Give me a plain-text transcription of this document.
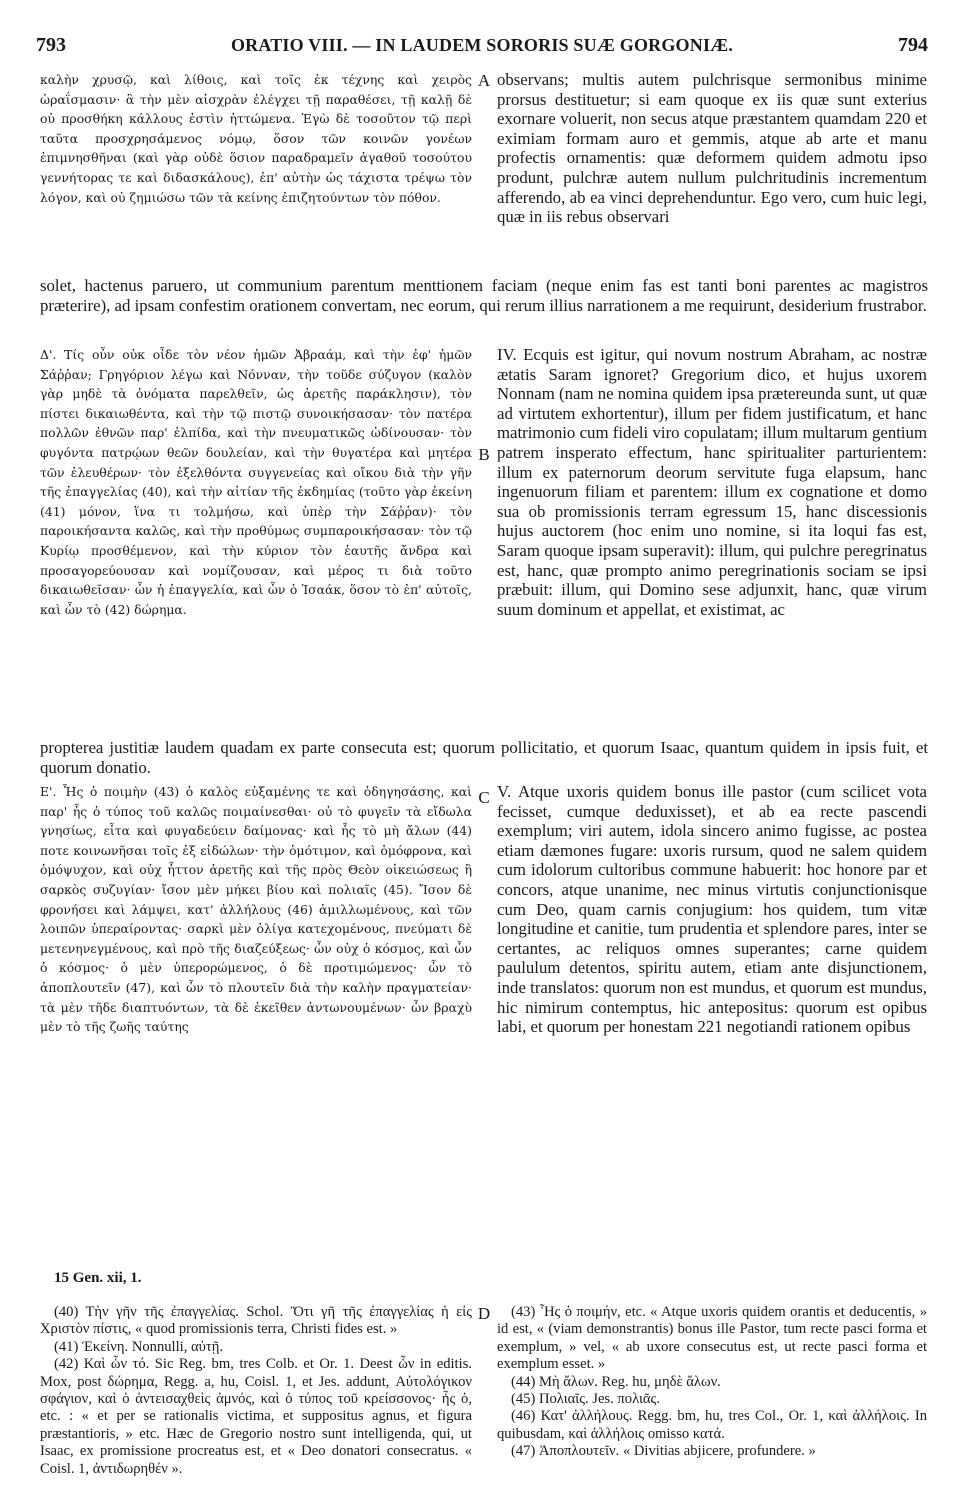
793	ORATIO VIII. — IN LAUDEM SORORIS SUÆ GORGONIÆ.	794
καλὴν χρυσῷ, καὶ λίθοις, καὶ τοῖς ἐκ τέχνης καὶ χειρὸς ὡραΐσμασιν· ἃ τὴν μὲν αἰσχρὰν ἐλέγχει τῇ παραθέσει, τῇ καλῇ δὲ οὐ προσθήκη κάλλους ἐστὶν ἡττώμενα. Ἐγὼ δὲ τοσοῦτον τῷ περὶ ταῦτα προσχρησάμενος νόμῳ, ὅσον τῶν κοινῶν γονέων ἐπιμνησθῆναι (καὶ γὰρ οὐδὲ ὅσιον παραδραμεῖν ἀγαθοῦ τοσούτου γεννήτορας τε καὶ διδασκάλους), ἐπ' αὐτὴν ὡς τάχιστα τρέψω τὸν λόγον, καὶ οὐ ζημιώσω τῶν τὰ κείνης ἐπιζητούντων τὸν πόθον.
A observans; multis autem pulchrisque sermonibus minime prorsus destituetur; si eam quoque ex iis quæ sunt exterius exornare voluerit, non secus atque præstantem quamdam 220 et eximiam formam auro et gemmis, atque ab arte et manu profectis ornamentis: quæ deformem quidem admotu ipso produnt, pulchræ autem nullum pulchritudinis incrementum afferendo, ab ea vinci deprehenduntur. Ego vero, cum huic legi, quæ in iis rebus observari
solet, hactenus paruero, ut communium parentum menttionem faciam (neque enim fas est tanti boni parentes ac magistros præterire), ad ipsam confestim orationem convertam, nec eorum, qui rerum illius narrationem a me requirunt, desiderium frustrabor.
Δ'. Τίς οὖν οὐκ οἶδε τὸν νέον ἡμῶν Ἀβραάμ, καὶ τὴν ἐφ' ἡμῶν Σάῤῥαν; Γρηγόριον λέγω καὶ Νόνναν, τὴν τοῦδε σύζυγον (καλὸν γὰρ μηδὲ τὰ ὀνόματα παρελθεῖν, ὡς ἀρετῆς παράκλησιν), τὸν πίστει δικαιωθέντα, καὶ τὴν τῷ πιστῷ συνοικήσασαν· τὸν πατέρα πολλῶν ἐθνῶν παρ' ἐλπίδα, καὶ τὴν πνευματικῶς ὠδίνουσαν· τὸν φυγόντα πατρῴων θεῶν δουλείαν, καὶ τὴν θυγατέρα καὶ μητέρα τῶν ἐλευθέρων· τὸν ἐξελθόντα συγγενείας καὶ οἴκου διὰ τὴν γῆν τῆς ἐπαγγελίας (40), καὶ τὴν αἰτίαν τῆς ἐκδημίας (τοῦτο γὰρ ἐκείνη (41) μόνον, ἵνα τι τολμήσω, καὶ ὑπὲρ τὴν Σάῤῥαν)· τὸν παροικήσαντα καλῶς, καὶ τὴν προθύμως συμπαροικήσασαν· τὸν τῷ Κυρίῳ προσθέμενον, καὶ τὴν κύριον τὸν ἑαυτῆς ἄνδρα καὶ προσαγορεύουσαν καὶ νομίζουσαν, καὶ μέρος τι διὰ τοῦτο δικαιωθεῖσαν· ὧν ἡ ἐπαγγελία, καὶ ὧν ὁ Ἰσαάκ, ὅσον τὸ ἐπ' αὐτοῖς, καὶ ὧν τὸ (42) δώρημα.
B
IV. Ecquis est igitur, qui novum nostrum Abraham, ac nostræ ætatis Saram ignoret? Gregorium dico, et hujus uxorem Nonnam (nam ne nomina quidem ipsa prætereunda sunt, ut quæ ad virtutem exhortentur), illum per fidem justificatum, et hanc matrimonio cum fideli viro copulatam; illum multarum gentium patrem insperato effectum, hanc spiritualiter parturientem: illum ex paternorum deorum servitute fuga elapsum, hanc ingenuorum filiam et parentem: illum ex cognatione et domo sua ob promissionis terram egressum 15, hanc discessionis hujus auctorem (hoc enim uno nomine, si ita loqui fas est, Saram quoque ipsam superavit): illum, qui pulchre peregrinatus est, hanc, quæ prompto animo peregrinationis sociam se ipsi præbuit: illum, qui Domino sese adjunxit, hanc, quæ virum suum dominum et appellat, et existimat, ac
propterea justitiæ laudem quadam ex parte consecuta est; quorum pollicitatio, et quorum Isaac, quantum quidem in ipsis fuit, et quorum donatio.
Ε'. Ἧς ὁ ποιμὴν (43) ὁ καλὸς εὐξαμένης τε καὶ ὁδηγησάσης, καὶ παρ' ἧς ὁ τύπος τοῦ καλῶς ποιμαίνεσθαι· οὐ τὸ φυγεῖν τὰ εἴδωλα γνησίως, εἶτα καὶ φυγαδεύειν δαίμονας· καὶ ἧς τὸ μὴ ἄλων (44) ποτε κοινωνῆσαι τοῖς ἐξ εἰδώλων· τὴν ὁμότιμον, καὶ ὁμόφρονα, καὶ ὁμόψυχον, καὶ οὐχ ἧττον ἀρετῆς καὶ τῆς πρὸς Θεὸν οἰκειώσεως ἢ σαρκὸς συζυγίαν· ἴσον μὲν μήκει βίου καὶ πολιαῖς (45). Ἴσον δὲ φρονήσει καὶ λάμψει, κατ' ἀλλήλους (46) ἁμιλλωμένους, καὶ τῶν λοιπῶν ὑπεραίροντας· σαρκὶ μὲν ὀλίγα κατεχομένους, πνεύματι δὲ μετενηνεγμένους, καὶ πρὸ τῆς διαζεύξεως· ὧν οὐχ ὁ κόσμος, καὶ ὧν ὁ κόσμος· ὁ μὲν ὑπερορώμενος, ὁ δὲ προτιμώμενος· ὧν τὸ ἀποπλουτεῖν (47), καὶ ὧν τὸ πλουτεῖν διὰ τὴν καλὴν πραγματείαν· τὰ μὲν τῆδε διαπτυόντων, τὰ δὲ ἐκεῖθεν ἀντωνουμένων· ὧν βραχὺ μὲν τὸ τῆς ζωῆς ταύτης
C V. Atque uxoris quidem bonus ille pastor (cum scilicet vota fecisset, cumque deduxisset), et ab ea recte pascendi exemplum; viri autem, idola sincero animo fugisse, ac postea etiam dæmones fugare: uxoris rursum, quod ne salem quidem cum idolorum cultoribus commune habuerit: hoc honore par et concors, atque unanime, nec minus virtutis conjunctionisque cum Deo, quam carnis conjugium: hos quidem, tum vitæ longitudine et canitie, tum prudentia et splendore pares, inter se certantes, ac reliquos omnes superantes; carne quidem paululum detentos, spiritu autem, etiam ante disjunctionem, inde translatos: quorum non est mundus, et quorum est mundus, hic nimirum contemptus, hic antepositus: quorum est opibus labi, et quorum per honestam 221 negotiandi rationem opibus
15 Gen. xii, 1.

(40) Τὴν γῆν τῆς ἐπαγγελίας. Schol. Ὅτι γῆ τῆς ἐπαγγελίας ἡ εἰς Χριστὸν πίστις, « quod promissionis terra, Christi fides est. »

(41) Ἐκείνη. Nonnulli, αὐτῇ.

(42) Καὶ ὧν τό. Sic Reg. bm, tres Colb. et Or. 1. Deest ὧν in editis. Mox, post δώρημα, Regg. a, hu, Coisl. 1, et Jes. addunt, Αὐτολόγικον σφάγιον, καὶ ὁ ἀντεισαχθεὶς ἀμνός, καὶ ὁ τύπος τοῦ κρείσσονος· ἧς ὁ, etc. : « et per se rationalis victima, et suppositus agnus, et figura præstantioris, » etc. Hæc de Gregorio nostro sunt intelligenda, qui, ut Isaac, ex promissione procreatus est, et « Deo donatori consecratus. « Coisl. 1, ἀντιδωρηθέν ».

D	(43) Ἧς ὁ ποιμήν, etc. « Atque uxoris quidem orantis et deducentis, » id est, « (viam demonstrantis) bonus ille Pastor, tum recte pasci forma et exemplum, » vel, « ab uxore consecutus est, ut recte pasci forma et exemplum esset. »

(44) Μὴ ἄλων. Reg. hu, μηδὲ ἄλων.

(45) Πολιαῖς. Jes. πολιᾶς.

(46) Κατ' ἀλλήλους. Regg. bm, hu, tres Col., Or. 1, καὶ ἀλλήλοις. In quibusdam, καὶ ἀλλήλοις omisso κατά.

(47) Ἀποπλουτεῖν. « Divitias abjicere, profundere. »
